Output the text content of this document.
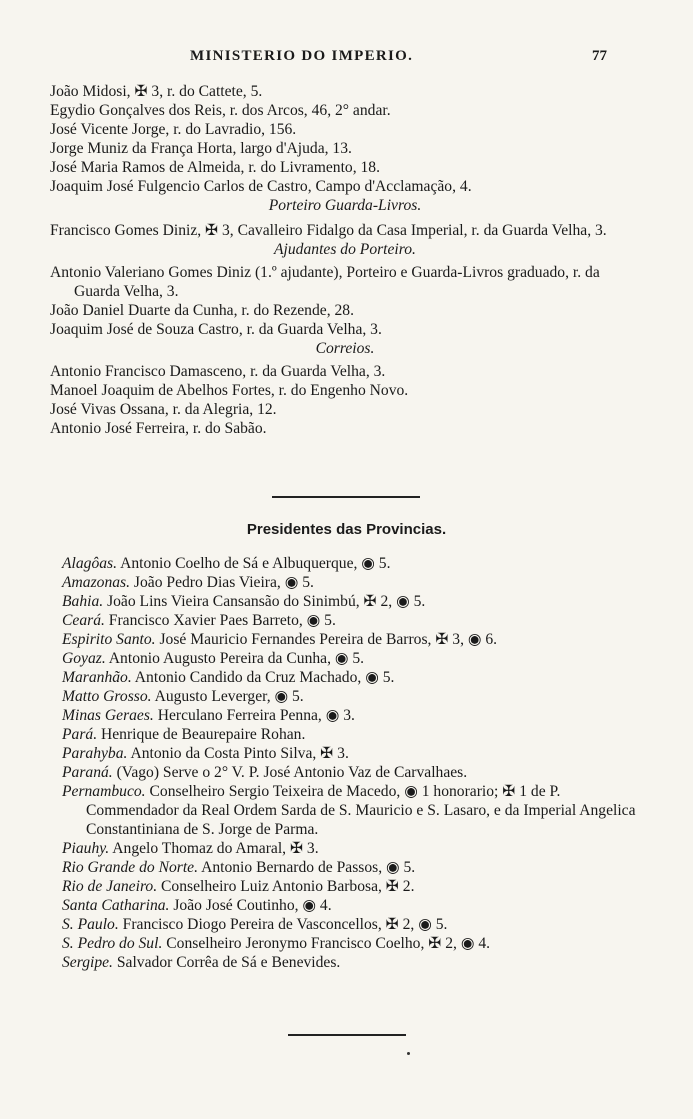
MINISTERIO DO IMPERIO.	77
João Midosi, ✠ 3, r. do Cattete, 5.
Egydio Gonçalves dos Reis, r. dos Arcos, 46, 2° andar.
José Vicente Jorge, r. do Lavradio, 156.
Jorge Muniz da França Horta, largo d'Ajuda, 13.
José Maria Ramos de Almeida, r. do Livramento, 18.
Joaquim José Fulgencio Carlos de Castro, Campo d'Acclamação, 4.
Porteiro Guarda-Livros.
Francisco Gomes Diniz, ✠ 3, Cavalleiro Fidalgo da Casa Imperial, r. da Guarda Velha, 3.
Ajudantes do Porteiro.
Antonio Valeriano Gomes Diniz (1.º ajudante), Porteiro e Guarda-Livros graduado, r. da Guarda Velha, 3.
João Daniel Duarte da Cunha, r. do Rezende, 28.
Joaquim José de Souza Castro, r. da Guarda Velha, 3.
Correios.
Antonio Francisco Damasceno, r. da Guarda Velha, 3.
Manoel Joaquim de Abelhos Fortes, r. do Engenho Novo.
José Vivas Ossana, r. da Alegria, 12.
Antonio José Ferreira, r. do Sabão.
Presidentes das Provincias.
Alagôas. Antonio Coelho de Sá e Albuquerque, ◉ 5.
Amazonas. João Pedro Dias Vieira, ◉ 5.
Bahia. João Lins Vieira Cansansão do Sinimbú, ✠ 2, ◉ 5.
Ceará. Francisco Xavier Paes Barreto, ◉ 5.
Espirito Santo. José Mauricio Fernandes Pereira de Barros, ✠ 3, ◉ 6.
Goyaz. Antonio Augusto Pereira da Cunha, ◉ 5.
Maranhão. Antonio Candido da Cruz Machado, ◉ 5.
Matto Grosso. Augusto Leverger, ◉ 5.
Minas Geraes. Herculano Ferreira Penna, ◉ 3.
Pará. Henrique de Beaurepaire Rohan.
Parahyba. Antonio da Costa Pinto Silva, ✠ 3.
Paraná. (Vago) Serve o 2° V. P. José Antonio Vaz de Carvalhaes.
Pernambuco. Conselheiro Sergio Teixeira de Macedo, ◉ 1 honorario; ✠ 1 de P. Commendador da Real Ordem Sarda de S. Mauricio e S. Lasaro, e da Imperial Angelica Constantiniana de S. Jorge de Parma.
Piauhy. Angelo Thomaz do Amaral, ✠ 3.
Rio Grande do Norte. Antonio Bernardo de Passos, ◉ 5.
Rio de Janeiro. Conselheiro Luiz Antonio Barbosa, ✠ 2.
Santa Catharina. João José Coutinho, ◉ 4.
S. Paulo. Francisco Diogo Pereira de Vasconcellos, ✠ 2, ◉ 5.
S. Pedro do Sul. Conselheiro Jeronymo Francisco Coelho, ✠ 2, ◉ 4.
Sergipe. Salvador Corrêa de Sá e Benevides.
